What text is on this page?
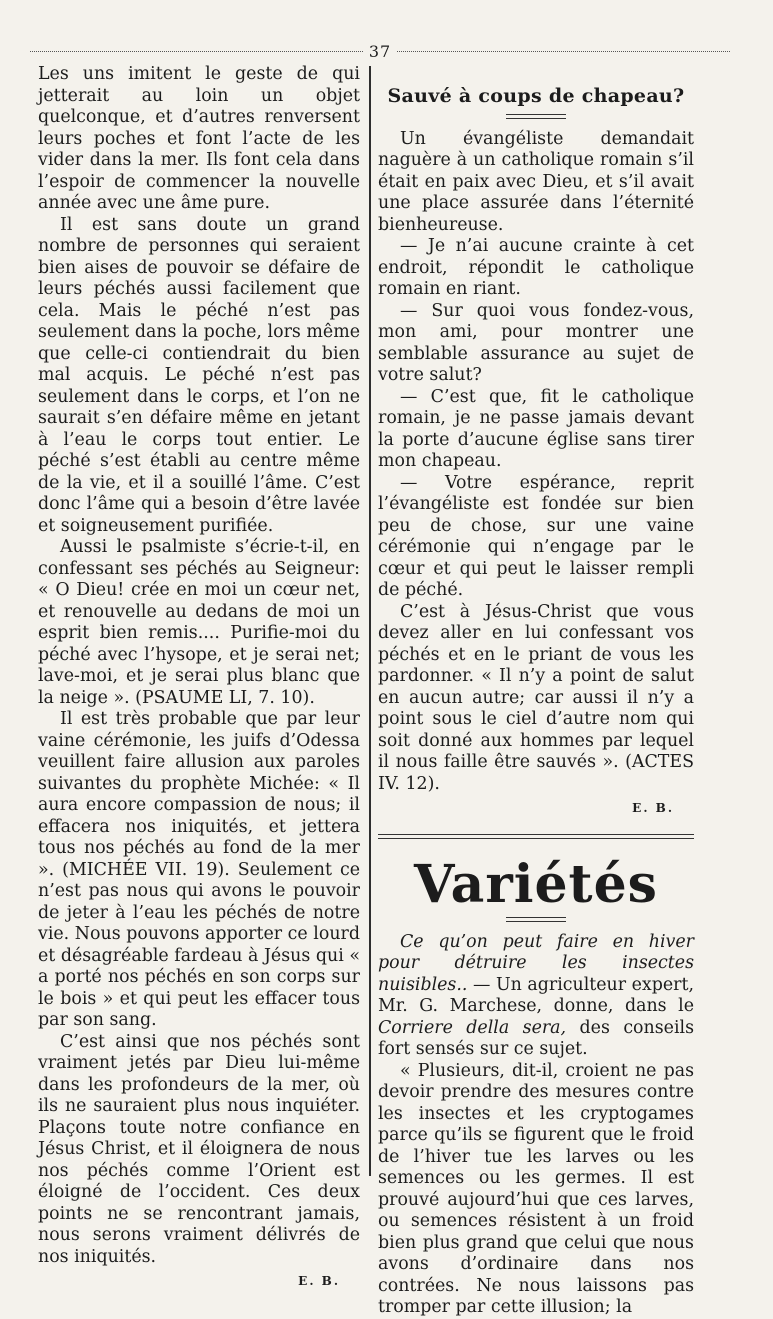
37

Les uns imitent le geste de qui jetterait au loin un objet quelconque, et d’autres renversent leurs poches et font l’acte de les vider dans la mer. Ils font cela dans l’espoir de commencer la nouvelle année avec une âme pure.

Il est sans doute un grand nombre de personnes qui seraient bien aises de pouvoir se défaire de leurs péchés aussi facilement que cela. Mais le péché n’est pas seulement dans la poche, lors même que celle-ci contiendrait du bien mal acquis. Le péché n’est pas seulement dans le corps, et l’on ne saurait s’en défaire même en jetant à l’eau le corps tout entier. Le péché s’est établi au centre même de la vie, et il a souillé l’âme. C’est donc l’âme qui a besoin d’être lavée et soigneusement purifiée.

Aussi le psalmiste s’écrie-t-il, en confessant ses péchés au Seigneur: « O Dieu! crée en moi un cœur net, et renouvelle au dedans de moi un esprit bien remis.... Purifie-moi du péché avec l’hysope, et je serai net; lave-moi, et je serai plus blanc que la neige ». (PSAUME LI, 7. 10).

Il est très probable que par leur vaine cérémonie, les juifs d’Odessa veuillent faire allusion aux paroles suivantes du prophète Michée: « Il aura encore compassion de nous; il effacera nos iniquités, et jettera tous nos péchés au fond de la mer ». (MICHÉE VII. 19). Seulement ce n’est pas nous qui avons le pouvoir de jeter à l’eau les péchés de notre vie. Nous pouvons apporter ce lourd et désagréable fardeau à Jésus qui « a porté nos péchés en son corps sur le bois » et qui peut les effacer tous par son sang.

C’est ainsi que nos péchés sont vraiment jetés par Dieu lui-même dans les profondeurs de la mer, où ils ne sauraient plus nous inquiéter. Plaçons toute notre confiance en Jésus Christ, et il éloignera de nous nos péchés comme l’Orient est éloigné de l’occident. Ces deux points ne se rencontrant jamais, nous serons vraiment délivrés de nos iniquités.

E. B.
Sauvé à coups de chapeau?

Un évangéliste demandait naguère à un catholique romain s’il était en paix avec Dieu, et s’il avait une place assurée dans l’éternité bienheureuse.

— Je n’ai aucune crainte à cet endroit, répondit le catholique romain en riant.

— Sur quoi vous fondez-vous, mon ami, pour montrer une semblable assurance au sujet de votre salut?

— C’est que, fit le catholique romain, je ne passe jamais devant la porte d’aucune église sans tirer mon chapeau.

— Votre espérance, reprit l’évangéliste est fondée sur bien peu de chose, sur une vaine cérémonie qui n’engage par le cœur et qui peut le laisser rempli de péché.

C’est à Jésus-Christ que vous devez aller en lui confessant vos péchés et en le priant de vous les pardonner. « Il n’y a point de salut en aucun autre; car aussi il n’y a point sous le ciel d’autre nom qui soit donné aux hommes par lequel il nous faille être sauvés ». (ACTES IV. 12).

E. B.
Variétés

Ce qu’on peut faire en hiver pour détruire les insectes nuisibles.. — Un agriculteur expert, Mr. G. Marchese, donne, dans le Corriere della sera, des conseils fort sensés sur ce sujet.

« Plusieurs, dit-il, croient ne pas devoir prendre des mesures contre les insectes et les cryptogames parce qu’ils se figurent que le froid de l’hiver tue les larves ou les semences ou les germes. Il est prouvé aujourd’hui que ces larves, ou semences résistent à un froid bien plus grand que celui que nous avons d’ordinaire dans nos contrées. Ne nous laissons pas tromper par cette illusion; la
